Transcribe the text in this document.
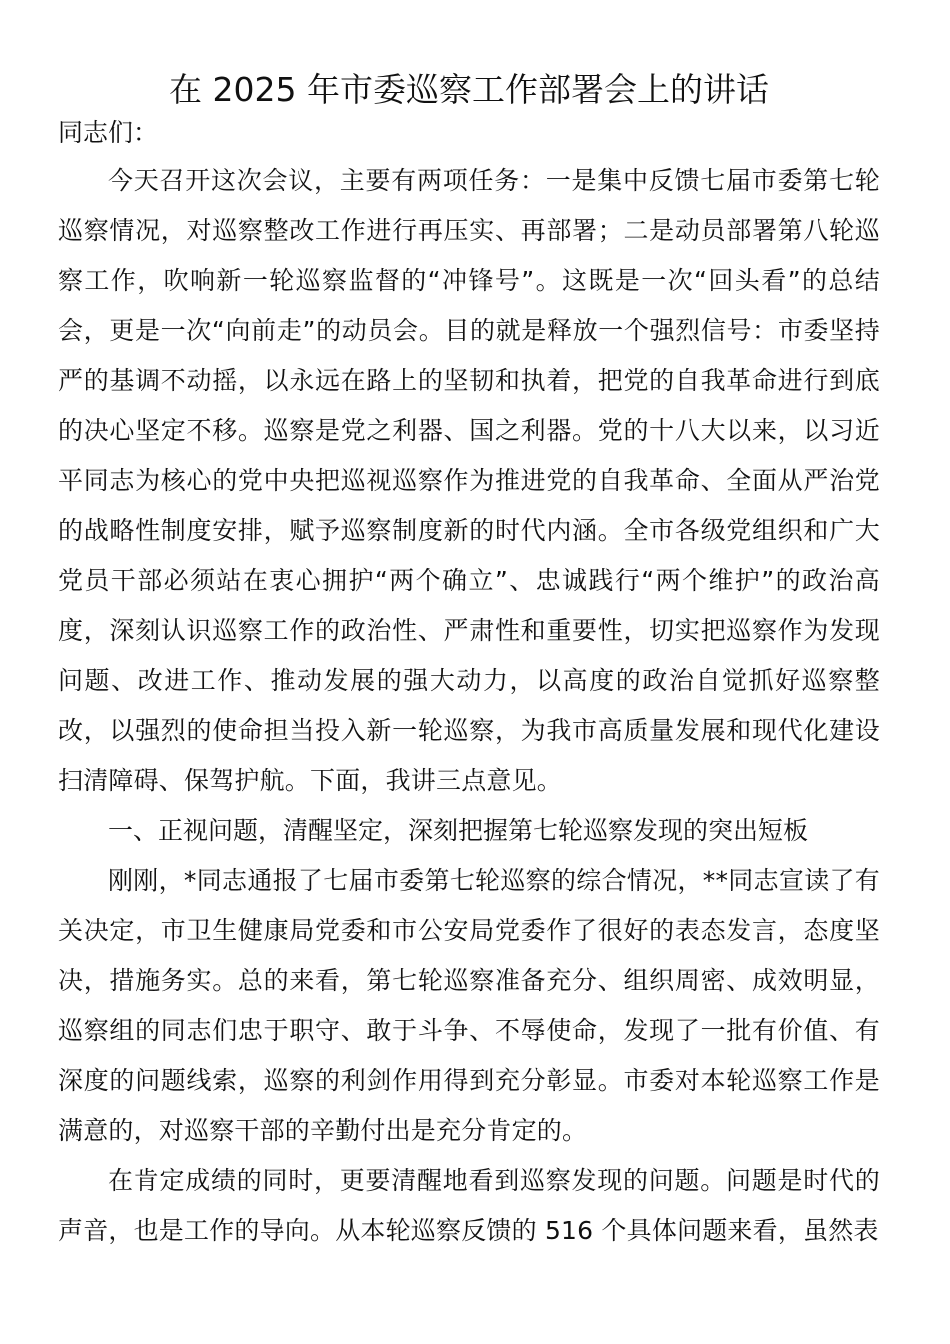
在 2025 年市委巡察工作部署会上的讲话

同志们：

今天召开这次会议，主要有两项任务：一是集中反馈七届市委第七轮巡察情况，对巡察整改工作进行再压实、再部署；二是动员部署第八轮巡察工作，吹响新一轮巡察监督的“冲锋号”。这既是一次“回头看”的总结会，更是一次“向前走”的动员会。目的就是释放一个强烈信号：市委坚持严的基调不动摇，以永远在路上的坚韧和执着，把党的自我革命进行到底的决心坚定不移。巡察是党之利器、国之利器。党的十八大以来，以习近平同志为核心的党中央把巡视巡察作为推进党的自我革命、全面从严治党的战略性制度安排，赋予巡察制度新的时代内涵。全市各级党组织和广大党员干部必须站在衷心拥护“两个确立”、忠诚践行“两个维护”的政治高度，深刻认识巡察工作的政治性、严肃性和重要性，切实把巡察作为发现问题、改进工作、推动发展的强大动力，以高度的政治自觉抓好巡察整改，以强烈的使命担当投入新一轮巡察，为我市高质量发展和现代化建设扫清障碍、保驾护航。下面，我讲三点意见。

一、正视问题，清醒坚定，深刻把握第七轮巡察发现的突出短板

刚刚，*同志通报了七届市委第七轮巡察的综合情况，**同志宣读了有关决定，市卫生健康局党委和市公安局党委作了很好的表态发言，态度坚决，措施务实。总的来看，第七轮巡察准备充分、组织周密、成效明显，巡察组的同志们忠于职守、敢于斗争、不辱使命，发现了一批有价值、有深度的问题线索，巡察的利剑作用得到充分彰显。市委对本轮巡察工作是满意的，对巡察干部的辛勤付出是充分肯定的。

在肯定成绩的同时，更要清醒地看到巡察发现的问题。问题是时代的声音，也是工作的导向。从本轮巡察反馈的 516 个具体问题来看，虽然表
